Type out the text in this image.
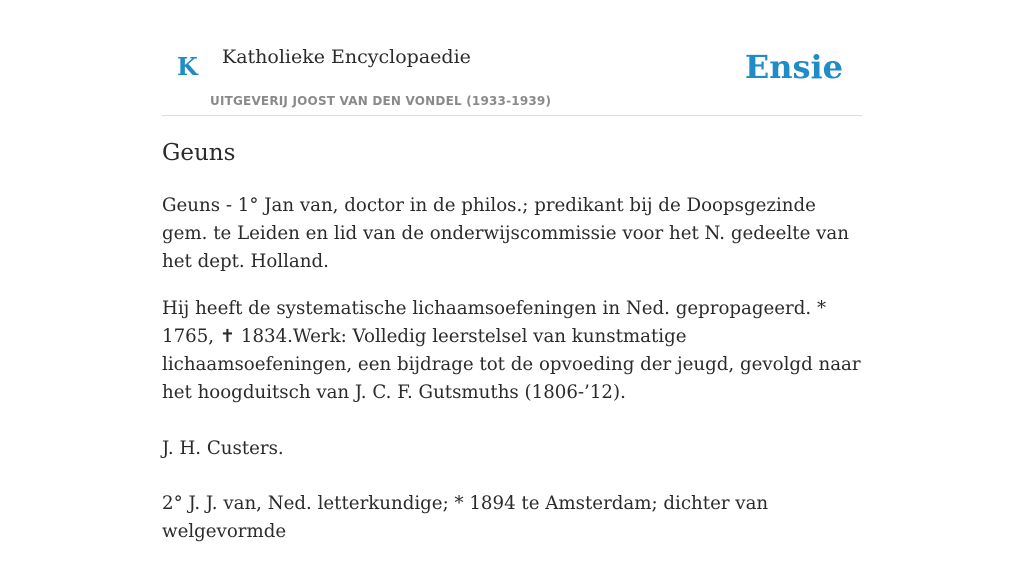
K Katholieke Encyclopaedie
UITGEVERIJ JOOST VAN DEN VONDEL (1933-1939)
Ensie
Geuns

Geuns - 1° Jan van, doctor in de philos.; predikant bij de Doopsgezinde gem. te Leiden en lid van de onderwijscommissie voor het N. gedeelte van het dept. Holland.

Hij heeft de systematische lichaamsoefeningen in Ned. gepropageerd. * 1765, ✝ 1834.Werk: Volledig leerstelsel van kunstmatige lichaamsoefeningen, een bijdrage tot de opvoeding der jeugd, gevolgd naar het hoogduitsch van J. C. F. Gutsmuths (1806-’12).

J. H. Custers.

2° J. J. van, Ned. letterkundige; * 1894 te Amsterdam; dichter van welgevormde
